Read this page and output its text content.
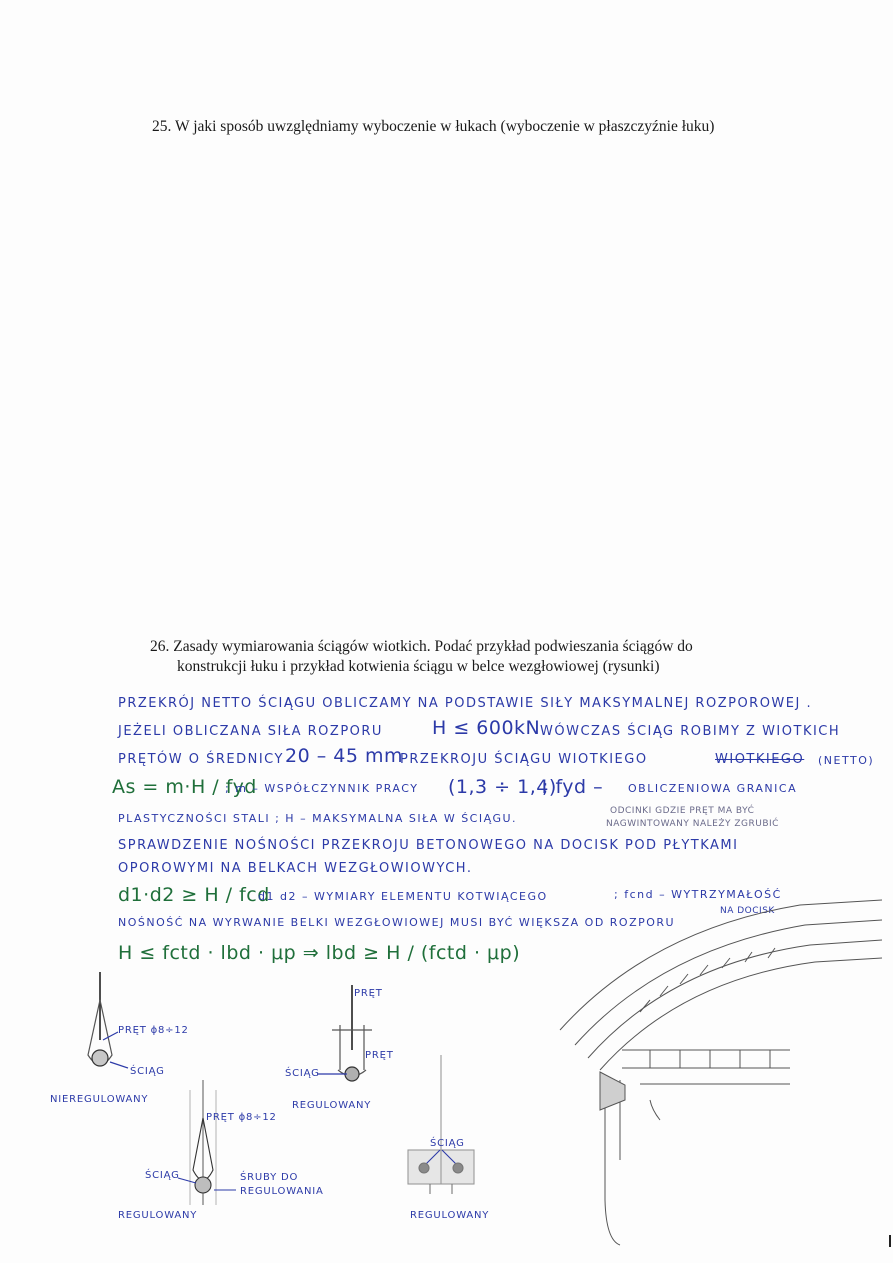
25. W jaki sposób uwzględniamy wyboczenie w łukach (wyboczenie w płaszczyźnie łuku)
26. Zasady wymiarowania ściągów wiotkich. Podać przykład podwieszania ściągów do
konstrukcji łuku i przykład kotwienia ściągu w belce wezgłowiowej (rysunki)
PRZEKRÓJ NETTO ŚCIĄGU OBLICZAMY NA PODSTAWIE SIŁY MAKSYMALNEJ ROZPOROWEJ .
JEŻELI OBLICZANA SIŁA ROZPORU	H ≤ 600kN WÓWCZAS ŚCIĄG ROBIMY Z WIOTKICH
PRĘTÓW O ŚREDNICY 20 – 45 mm
PRZEKROJU ŚCIĄGU WIOTKIEGO	WIOTKIEGO (NETTO)
As = m·H / fyd
; m – WSPÓŁCZYNNIK PRACY (1,3 ÷ 1,4)
; fyd – OBLICZENIOWA GRANICA
PLASTYCZNOŚCI STALI ; H – MAKSYMALNA SIŁA W ŚCIĄGU.
ODCINKI GDZIE PRĘT MA BYĆ
NAGWINTOWANY NALEŻY ZGRUBIĆ
SPRAWDZENIE NOŚNOŚCI PRZEKROJU BETONOWEGO NA DOCISK POD PŁYTKAMI
OPOROWYMI NA BELKACH WEZGŁOWIOWYCH.
d1·d2 ≥ H / fcd
d1 d2 – WYMIARY ELEMENTU KOTWIĄCEGO	; fcnd – WYTRZYMAŁOŚĆ
NA DOCISK
NOŚNOŚĆ NA WYRWANIE BELKI WEZGŁOWIOWEJ MUSI BYĆ WIĘKSZA OD ROZPORU
H ≤ fctd · lbd · μp ⇒ lbd ≥ H / (fctd · μp)
PRĘT ϕ8÷12
ŚCIĄG
NIEREGULOWANY
PRĘT
PRĘT
ŚCIĄG
REGULOWANY
PRĘT ϕ8÷12
ŚCIĄG	ŚRUBY DO
REGULOWANIA
REGULOWANY
ŚCIĄG
REGULOWANY
